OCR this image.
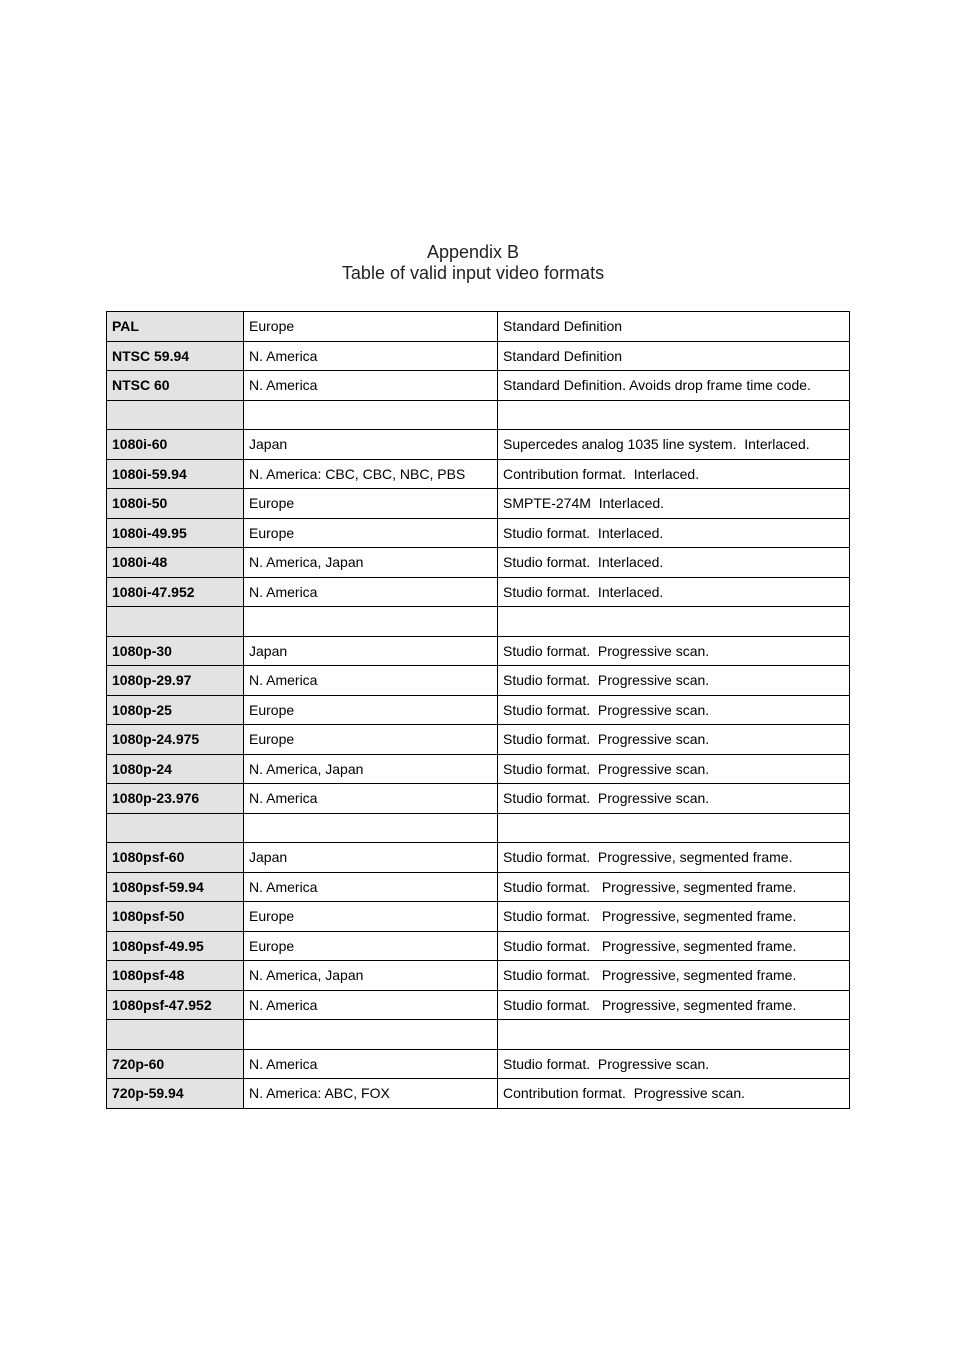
Appendix B
Table of valid input video formats
PAL	Europe	Standard Definition
NTSC 59.94	N. America	Standard Definition
NTSC 60	N. America	Standard Definition. Avoids drop frame time code.

1080i-60	Japan	Supercedes analog 1035 line system.  Interlaced.
1080i-59.94	N. America: CBC, CBC, NBC, PBS	Contribution format.  Interlaced.
1080i-50	Europe	SMPTE-274M  Interlaced.
1080i-49.95	Europe	Studio format.  Interlaced.
1080i-48	N. America, Japan	Studio format.  Interlaced.
1080i-47.952	N. America	Studio format.  Interlaced.

1080p-30	Japan	Studio format.  Progressive scan.
1080p-29.97	N. America	Studio format.  Progressive scan.
1080p-25	Europe	Studio format.  Progressive scan.
1080p-24.975	Europe	Studio format.  Progressive scan.
1080p-24	N. America, Japan	Studio format.  Progressive scan.
1080p-23.976	N. America	Studio format.  Progressive scan.

1080psf-60	Japan	Studio format.  Progressive, segmented frame.
1080psf-59.94	N. America	Studio format.   Progressive, segmented frame.
1080psf-50	Europe	Studio format.   Progressive, segmented frame.
1080psf-49.95	Europe	Studio format.   Progressive, segmented frame.
1080psf-48	N. America, Japan	Studio format.   Progressive, segmented frame.
1080psf-47.952	N. America	Studio format.   Progressive, segmented frame.

720p-60	N. America	Studio format.  Progressive scan.
720p-59.94	N. America: ABC, FOX	Contribution format.  Progressive scan.
